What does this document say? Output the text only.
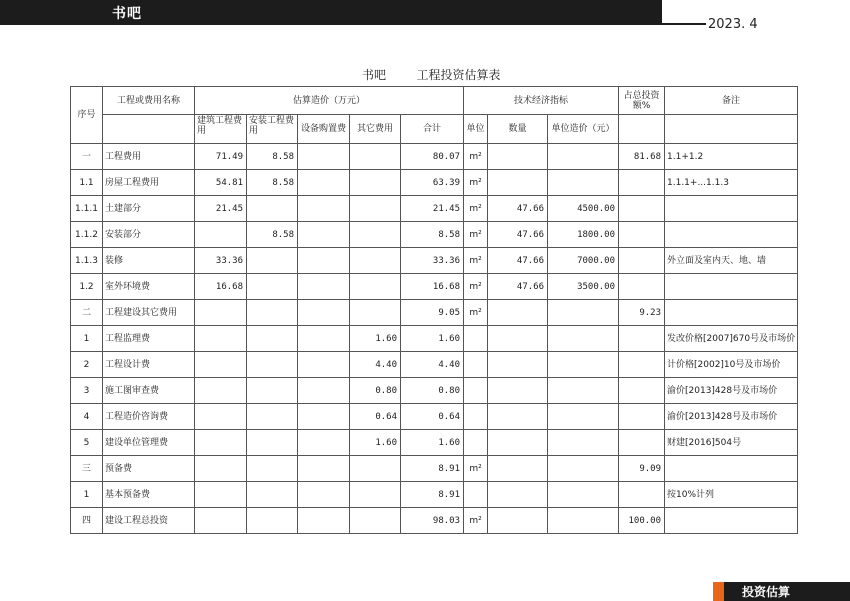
书吧
2023. 4
书吧        工程投资估算表
序号	工程或费用名称	估算造价（万元）					技术经济指标			占总投资额%	备注
		建筑工程费用	安装工程费用	设备购置费	其它费用	合计	单位	数量	单位造价（元）		
一	工程费用	71.49	8.58			80.07	m²			81.68	1.1+1.2
1.1	房屋工程费用	54.81	8.58			63.39	m²				1.1.1+...1.1.3
1.1.1	土建部分	21.45				21.45	m²	47.66	4500.00		
1.1.2	安装部分		8.58			8.58	m²	47.66	1800.00		
1.1.3	装修	33.36				33.36	m²	47.66	7000.00		外立面及室内天、地、墙
1.2	室外环境费	16.68				16.68	m²	47.66	3500.00		
二	工程建设其它费用					9.05	m²			9.23	
1	工程监理费				1.60	1.60					发改价格[2007]670号及市场价
2	工程设计费				4.40	4.40					计价格[2002]10号及市场价
3	施工图审查费				0.80	0.80					渝价[2013]428号及市场价
4	工程造价咨询费				0.64	0.64					渝价[2013]428号及市场价
5	建设单位管理费				1.60	1.60					财建[2016]504号
三	预备费					8.91	m²			9.09	
1	基本预备费					8.91					按10%计列
四	建设工程总投资					98.03	m²			100.00	
投资估算
